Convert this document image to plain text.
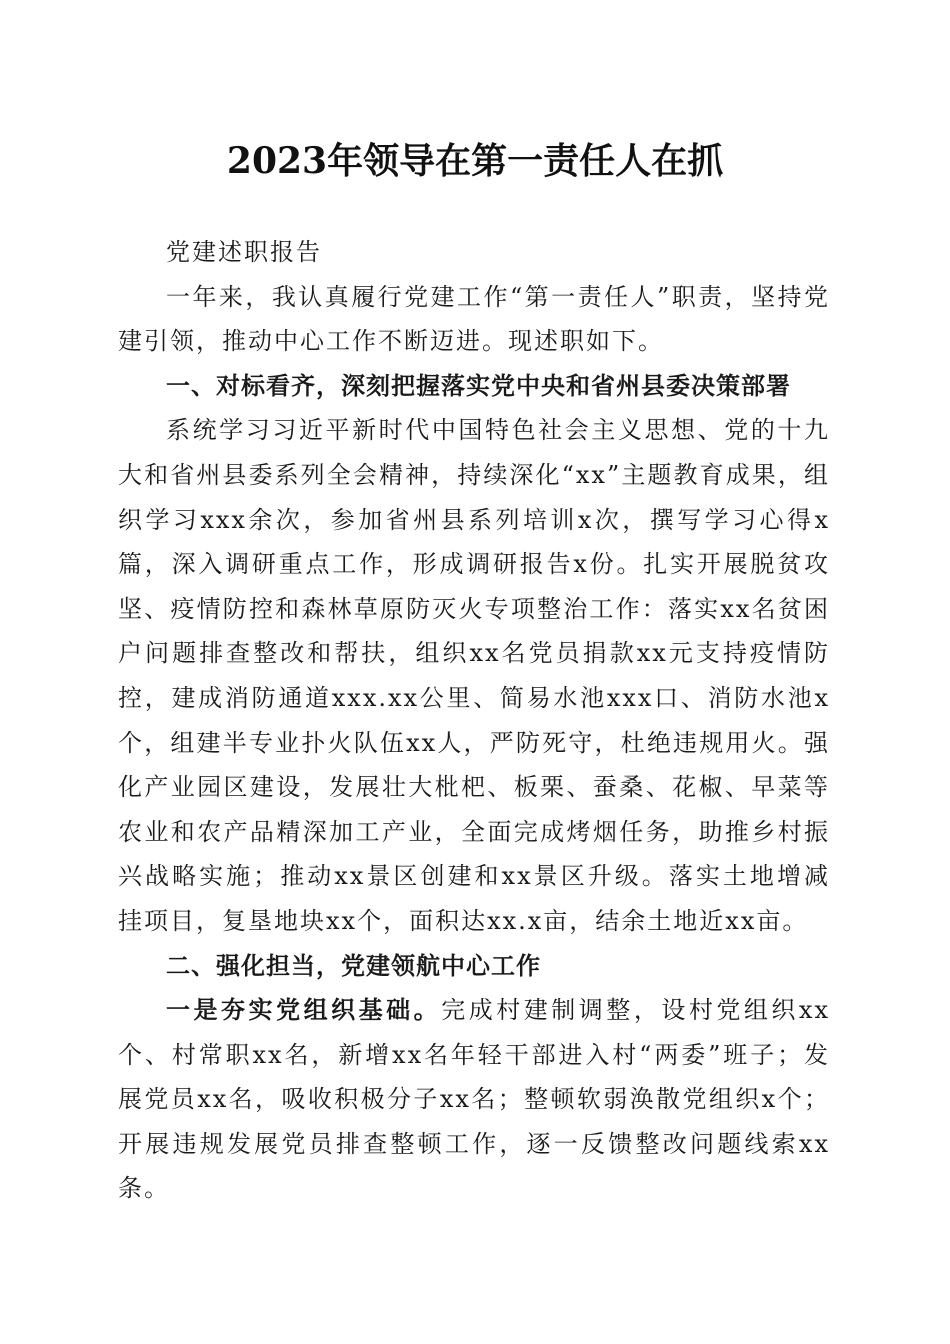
2023年领导在第一责任人在抓

党建述职报告

一年来，我认真履行党建工作“第一责任人”职责，坚持党建引领，推动中心工作不断迈进。现述职如下。

一、对标看齐，深刻把握落实党中央和省州县委决策部署

系统学习习近平新时代中国特色社会主义思想、党的十九大和省州县委系列全会精神，持续深化“xx”主题教育成果，组织学习xxx余次，参加省州县系列培训x次，撰写学习心得x篇，深入调研重点工作，形成调研报告x份。扎实开展脱贫攻坚、疫情防控和森林草原防灭火专项整治工作：落实xx名贫困户问题排查整改和帮扶，组织xx名党员捐款xx元支持疫情防控，建成消防通道xxx.xx公里、简易水池xxx口、消防水池x个，组建半专业扑火队伍xx人，严防死守，杜绝违规用火。强化产业园区建设，发展壮大枇杷、板栗、蚕桑、花椒、早菜等农业和农产品精深加工产业，全面完成烤烟任务，助推乡村振兴战略实施；推动xx景区创建和xx景区升级。落实土地增减挂项目，复垦地块xx个，面积达xx.x亩，结余土地近xx亩。

二、强化担当，党建领航中心工作

一是夯实党组织基础。完成村建制调整，设村党组织xx个、村常职xx名，新增xx名年轻干部进入村“两委”班子；发展党员xx名，吸收积极分子xx名；整顿软弱涣散党组织x个；开展违规发展党员排查整顿工作，逐一反馈整改问题线索xx条。
